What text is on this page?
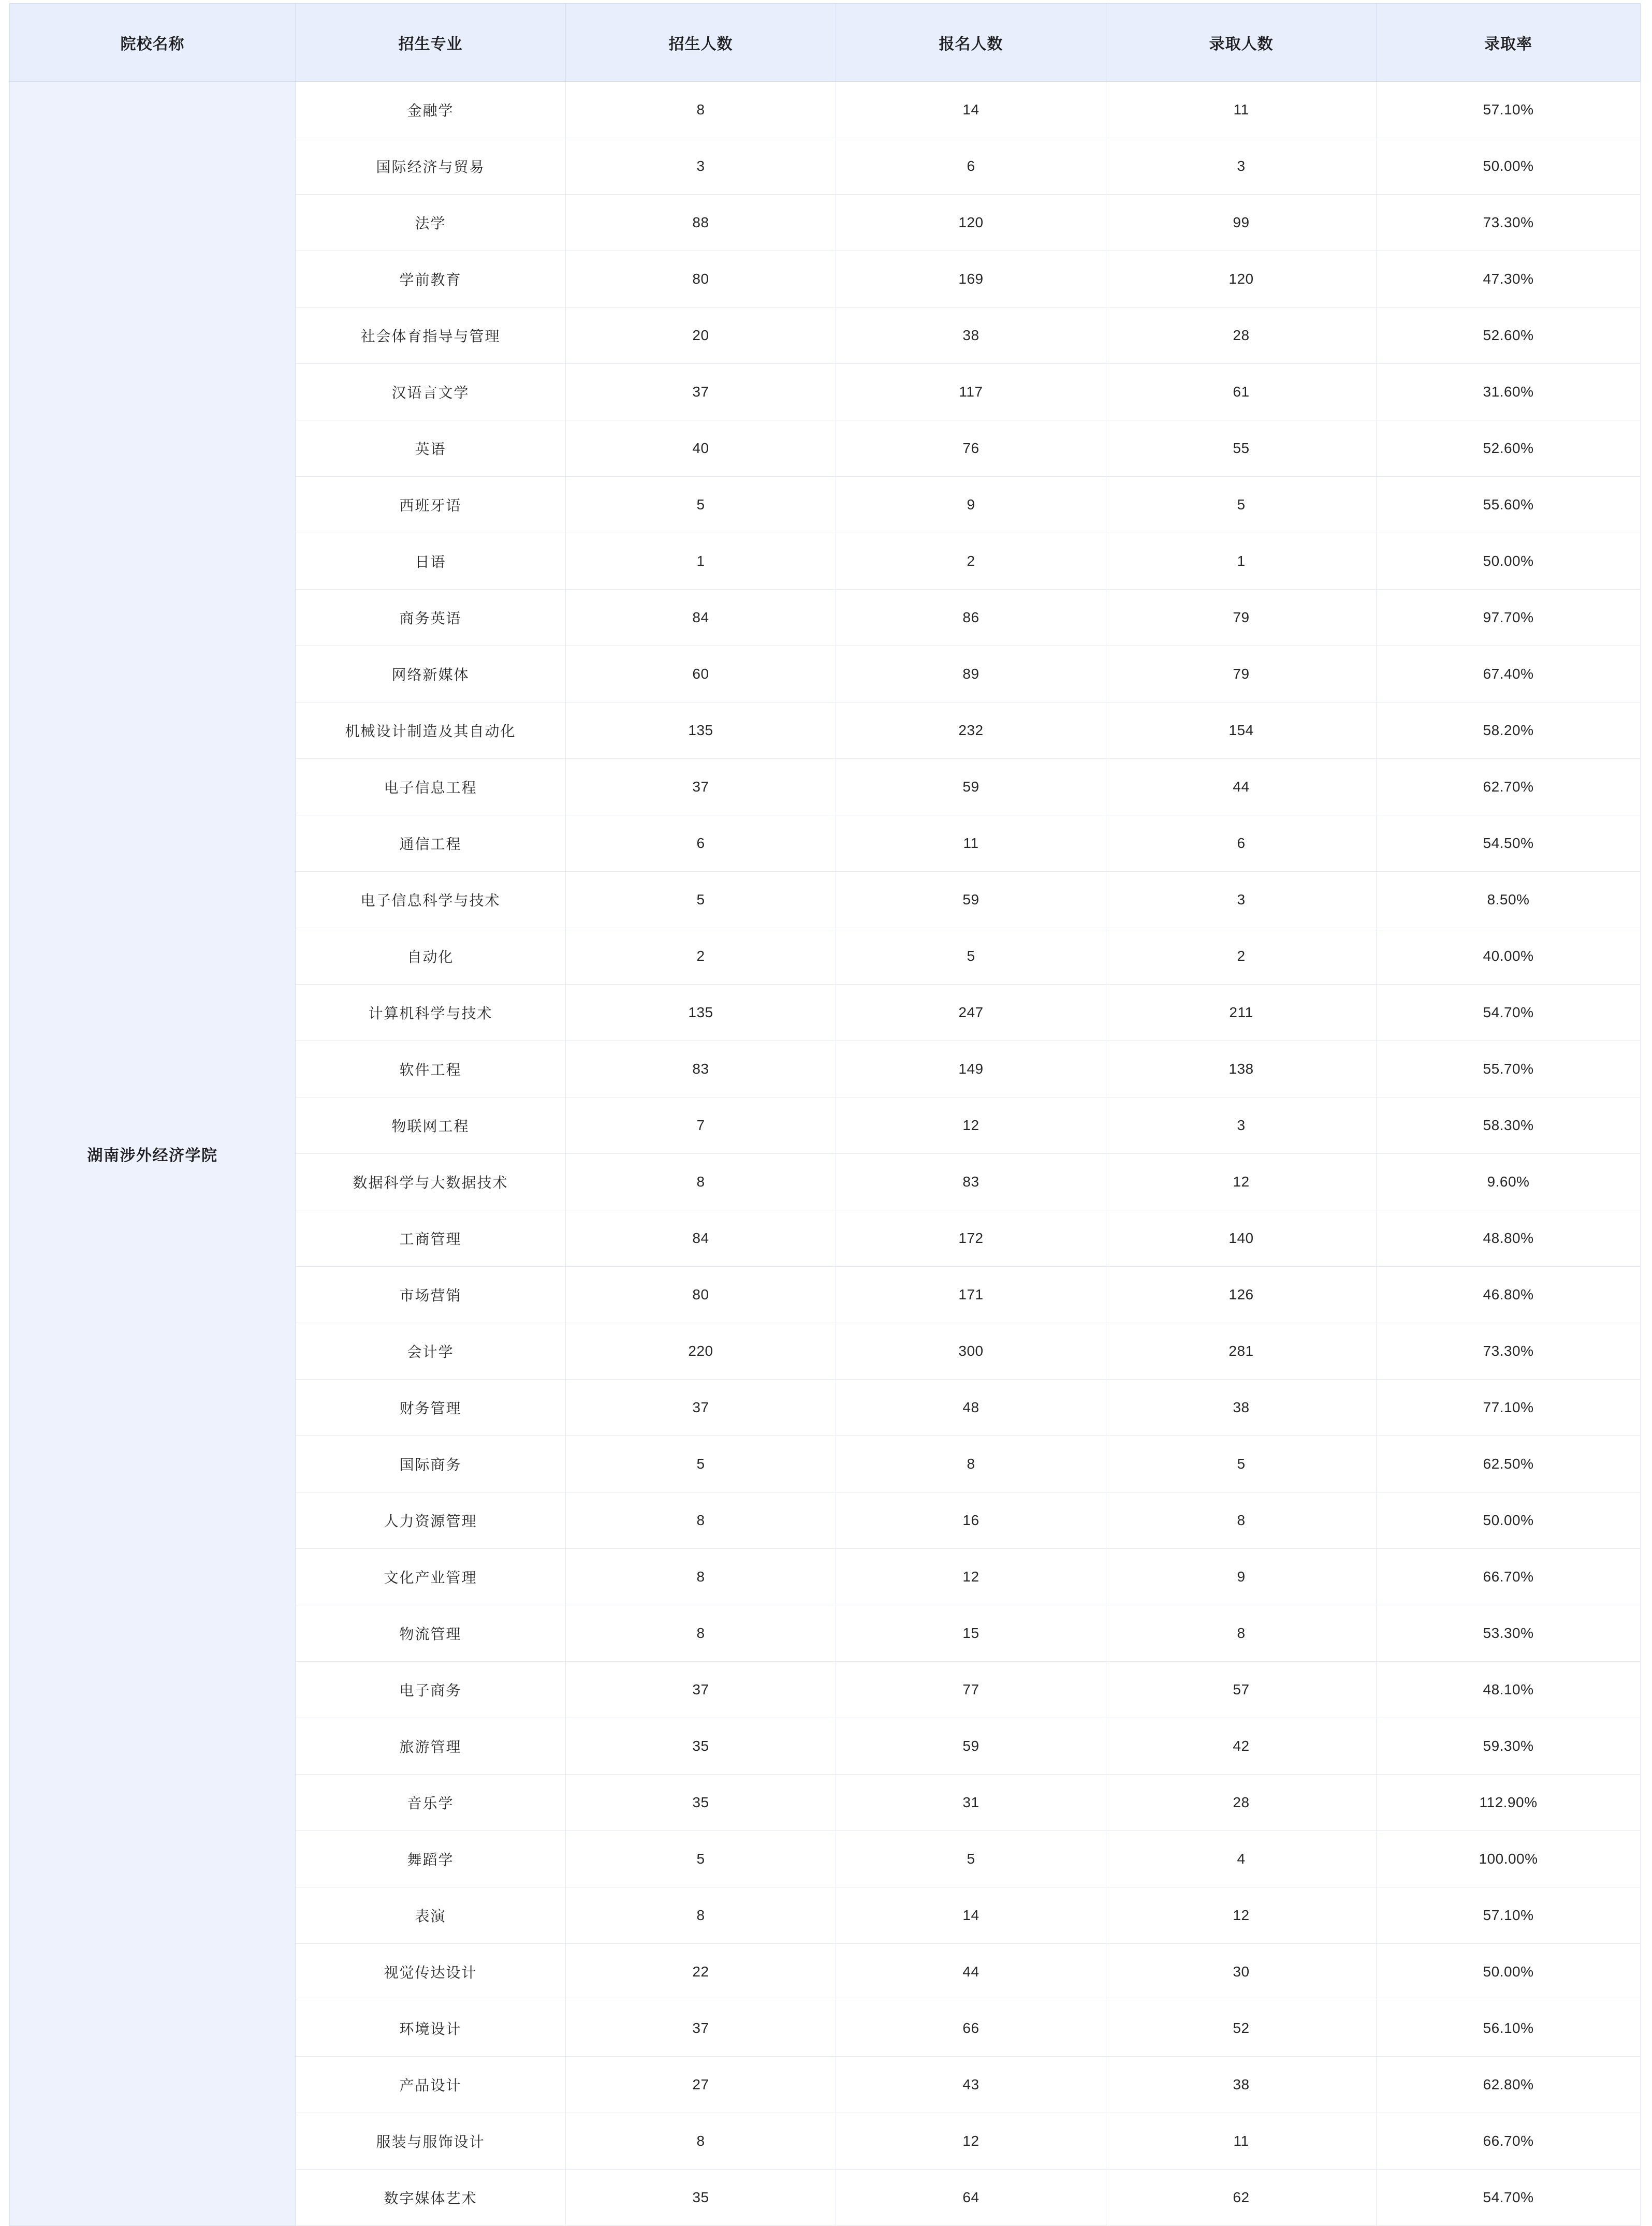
院校名称	招生专业	招生人数	报名人数	录取人数	录取率
湖南涉外经济学院	金融学	8	14	11	57.10%
	国际经济与贸易	3	6	3	50.00%
	法学	88	120	99	73.30%
	学前教育	80	169	120	47.30%
	社会体育指导与管理	20	38	28	52.60%
	汉语言文学	37	117	61	31.60%
	英语	40	76	55	52.60%
	西班牙语	5	9	5	55.60%
	日语	1	2	1	50.00%
	商务英语	84	86	79	97.70%
	网络新媒体	60	89	79	67.40%
	机械设计制造及其自动化	135	232	154	58.20%
	电子信息工程	37	59	44	62.70%
	通信工程	6	11	6	54.50%
	电子信息科学与技术	5	59	3	8.50%
	自动化	2	5	2	40.00%
	计算机科学与技术	135	247	211	54.70%
	软件工程	83	149	138	55.70%
	物联网工程	7	12	3	58.30%
	数据科学与大数据技术	8	83	12	9.60%
	工商管理	84	172	140	48.80%
	市场营销	80	171	126	46.80%
	会计学	220	300	281	73.30%
	财务管理	37	48	38	77.10%
	国际商务	5	8	5	62.50%
	人力资源管理	8	16	8	50.00%
	文化产业管理	8	12	9	66.70%
	物流管理	8	15	8	53.30%
	电子商务	37	77	57	48.10%
	旅游管理	35	59	42	59.30%
	音乐学	35	31	28	112.90%
	舞蹈学	5	5	4	100.00%
	表演	8	14	12	57.10%
	视觉传达设计	22	44	30	50.00%
	环境设计	37	66	52	56.10%
	产品设计	27	43	38	62.80%
	服装与服饰设计	8	12	11	66.70%
	数字媒体艺术	35	64	62	54.70%
